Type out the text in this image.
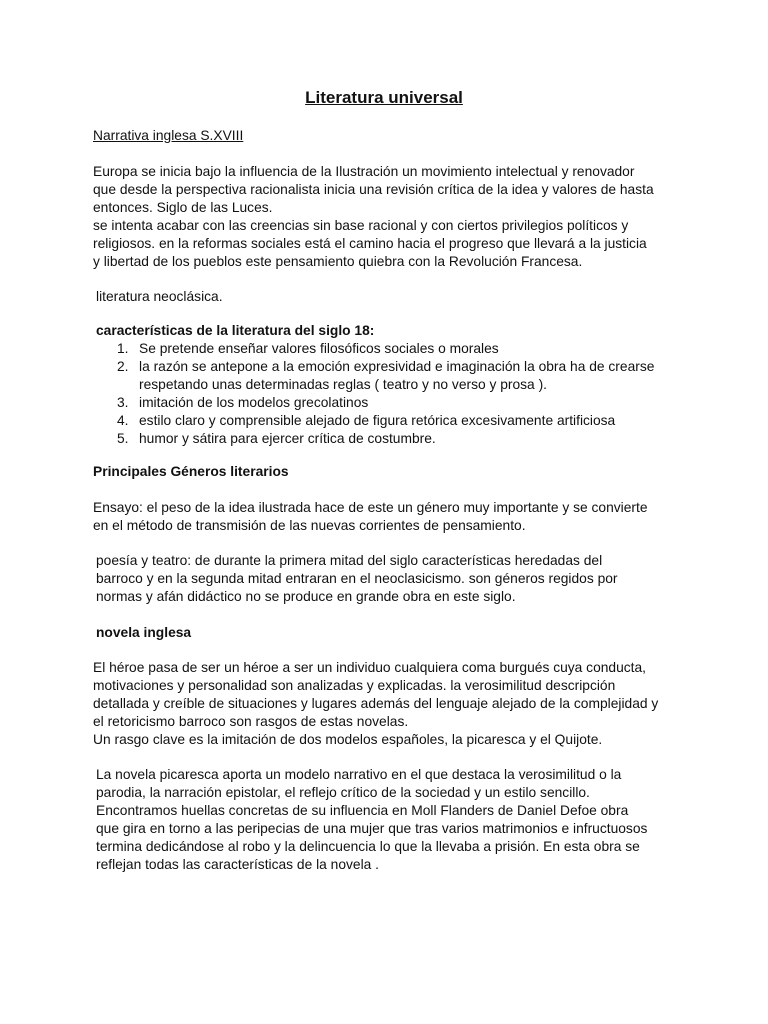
Literatura universal
Narrativa inglesa S.XVIII
Europa se inicia bajo la influencia de la Ilustración un movimiento intelectual y renovador
que desde la perspectiva racionalista inicia una revisión crítica de la idea y valores de hasta
entonces. Siglo de las Luces.
se intenta acabar con las creencias sin base racional y con ciertos privilegios políticos y
religiosos. en la reformas sociales está el camino hacia el progreso que llevará a la justicia
y libertad de los pueblos este pensamiento quiebra con la Revolución Francesa.
literatura neoclásica.
características de la literatura del siglo 18:
1. Se pretende enseñar valores filosóficos sociales o morales
2. la razón se antepone a la emoción expresividad e imaginación la obra ha de crearse
respetando unas determinadas reglas ( teatro y no verso y prosa ).
3. imitación de los modelos grecolatinos
4. estilo claro y comprensible alejado de figura retórica excesivamente artificiosa
5. humor y sátira para ejercer crítica de costumbre.
Principales Géneros literarios
Ensayo: el peso de la idea ilustrada hace de este un género muy importante y se convierte
en el método de transmisión de las nuevas corrientes de pensamiento.
poesía y teatro: de durante la primera mitad del siglo características heredadas del
barroco y en la segunda mitad entraran en el neoclasicismo. son géneros regidos por
normas y afán didáctico no se produce en grande obra en este siglo.
novela inglesa
El héroe pasa de ser un héroe a ser un individuo cualquiera coma burgués cuya conducta,
motivaciones y personalidad son analizadas y explicadas. la verosimilitud descripción
detallada y creíble de situaciones y lugares además del lenguaje alejado de la complejidad y
el retoricismo barroco son rasgos de estas novelas.
Un rasgo clave es la imitación de dos modelos españoles, la picaresca y el Quijote.
La novela picaresca aporta un modelo narrativo en el que destaca la verosimilitud o la
parodia, la narración epistolar, el reflejo crítico de la sociedad y un estilo sencillo.
Encontramos huellas concretas de su influencia en Moll Flanders de Daniel Defoe obra
que gira en torno a las peripecias de una mujer que tras varios matrimonios e infructuosos
termina dedicándose al robo y la delincuencia lo que la llevaba a prisión. En esta obra se
reflejan todas las características de la novela .
